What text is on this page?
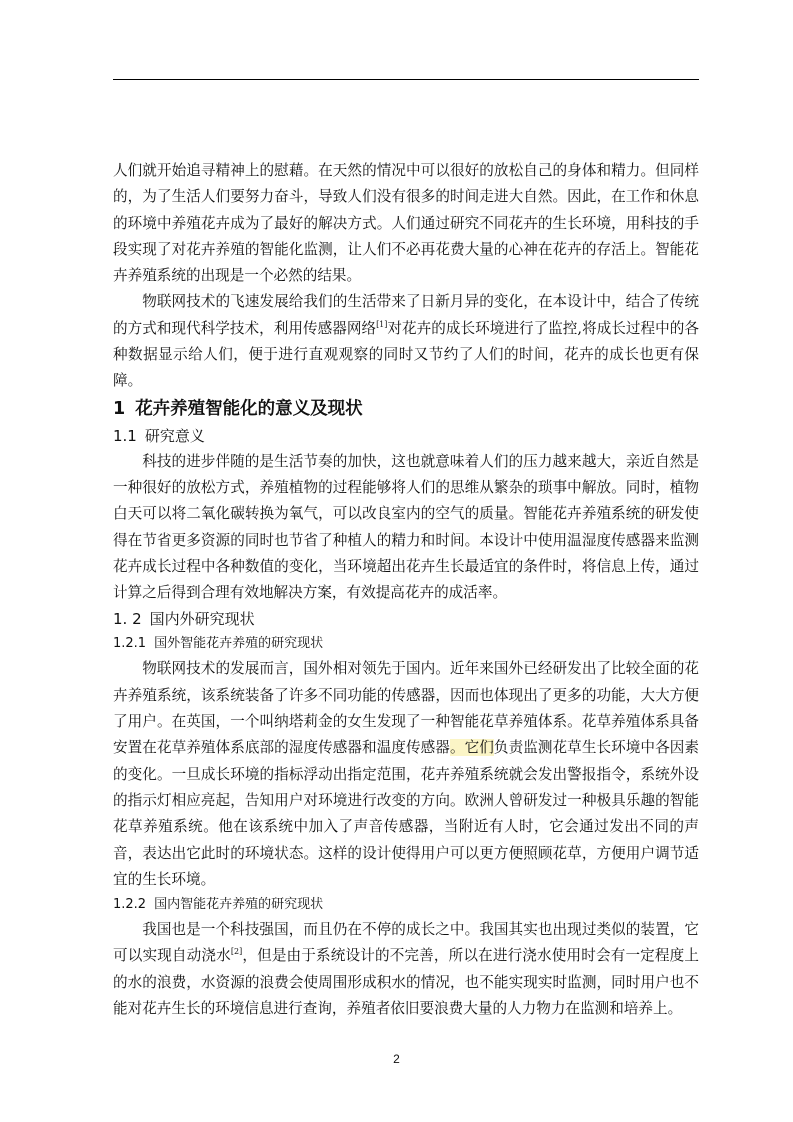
人们就开始追寻精神上的慰藉。在天然的情况中可以很好的放松自己的身体和精力。但同样的，为了生活人们要努力奋斗，导致人们没有很多的时间走进大自然。因此，在工作和休息的环境中养殖花卉成为了最好的解决方式。人们通过研究不同花卉的生长环境，用科技的手段实现了对花卉养殖的智能化监测，让人们不必再花费大量的心神在花卉的存活上。智能花卉养殖系统的出现是一个必然的结果。

物联网技术的飞速发展给我们的生活带来了日新月异的变化，在本设计中，结合了传统的方式和现代科学技术，利用传感器网络[1]对花卉的成长环境进行了监控,将成长过程中的各种数据显示给人们，便于进行直观观察的同时又节约了人们的时间，花卉的成长也更有保障。

1 花卉养殖智能化的意义及现状
1.1 研究意义

科技的进步伴随的是生活节奏的加快，这也就意味着人们的压力越来越大，亲近自然是一种很好的放松方式，养殖植物的过程能够将人们的思维从繁杂的琐事中解放。同时，植物白天可以将二氧化碳转换为氧气，可以改良室内的空气的质量。智能花卉养殖系统的研发使得在节省更多资源的同时也节省了种植人的精力和时间。本设计中使用温湿度传感器来监测花卉成长过程中各种数值的变化，当环境超出花卉生长最适宜的条件时，将信息上传，通过计算之后得到合理有效地解决方案，有效提高花卉的成活率。

1. 2 国内外研究现状
1.2.1 国外智能花卉养殖的研究现状

物联网技术的发展而言，国外相对领先于国内。近年来国外已经研发出了比较全面的花卉养殖系统，该系统装备了许多不同功能的传感器，因而也体现出了更多的功能，大大方便了用户。在英国，一个叫纳塔莉金的女生发现了一种智能花草养殖体系。花草养殖体系具备安置在花草养殖体系底部的湿度传感器和温度传感器。它们负责监测花草生长环境中各因素的变化。一旦成长环境的指标浮动出指定范围，花卉养殖系统就会发出警报指令，系统外设的指示灯相应亮起，告知用户对环境进行改变的方向。欧洲人曾研发过一种极具乐趣的智能花草养殖系统。他在该系统中加入了声音传感器，当附近有人时，它会通过发出不同的声音，表达出它此时的环境状态。这样的设计使得用户可以更方便照顾花草，方便用户调节适宜的生长环境。

1.2.2 国内智能花卉养殖的研究现状

我国也是一个科技强国，而且仍在不停的成长之中。我国其实也出现过类似的装置，它可以实现自动浇水[2]，但是由于系统设计的不完善，所以在进行浇水使用时会有一定程度上的水的浪费，水资源的浪费会使周围形成积水的情况，也不能实现实时监测，同时用户也不能对花卉生长的环境信息进行查询，养殖者依旧要浪费大量的人力物力在监测和培养上。

2
